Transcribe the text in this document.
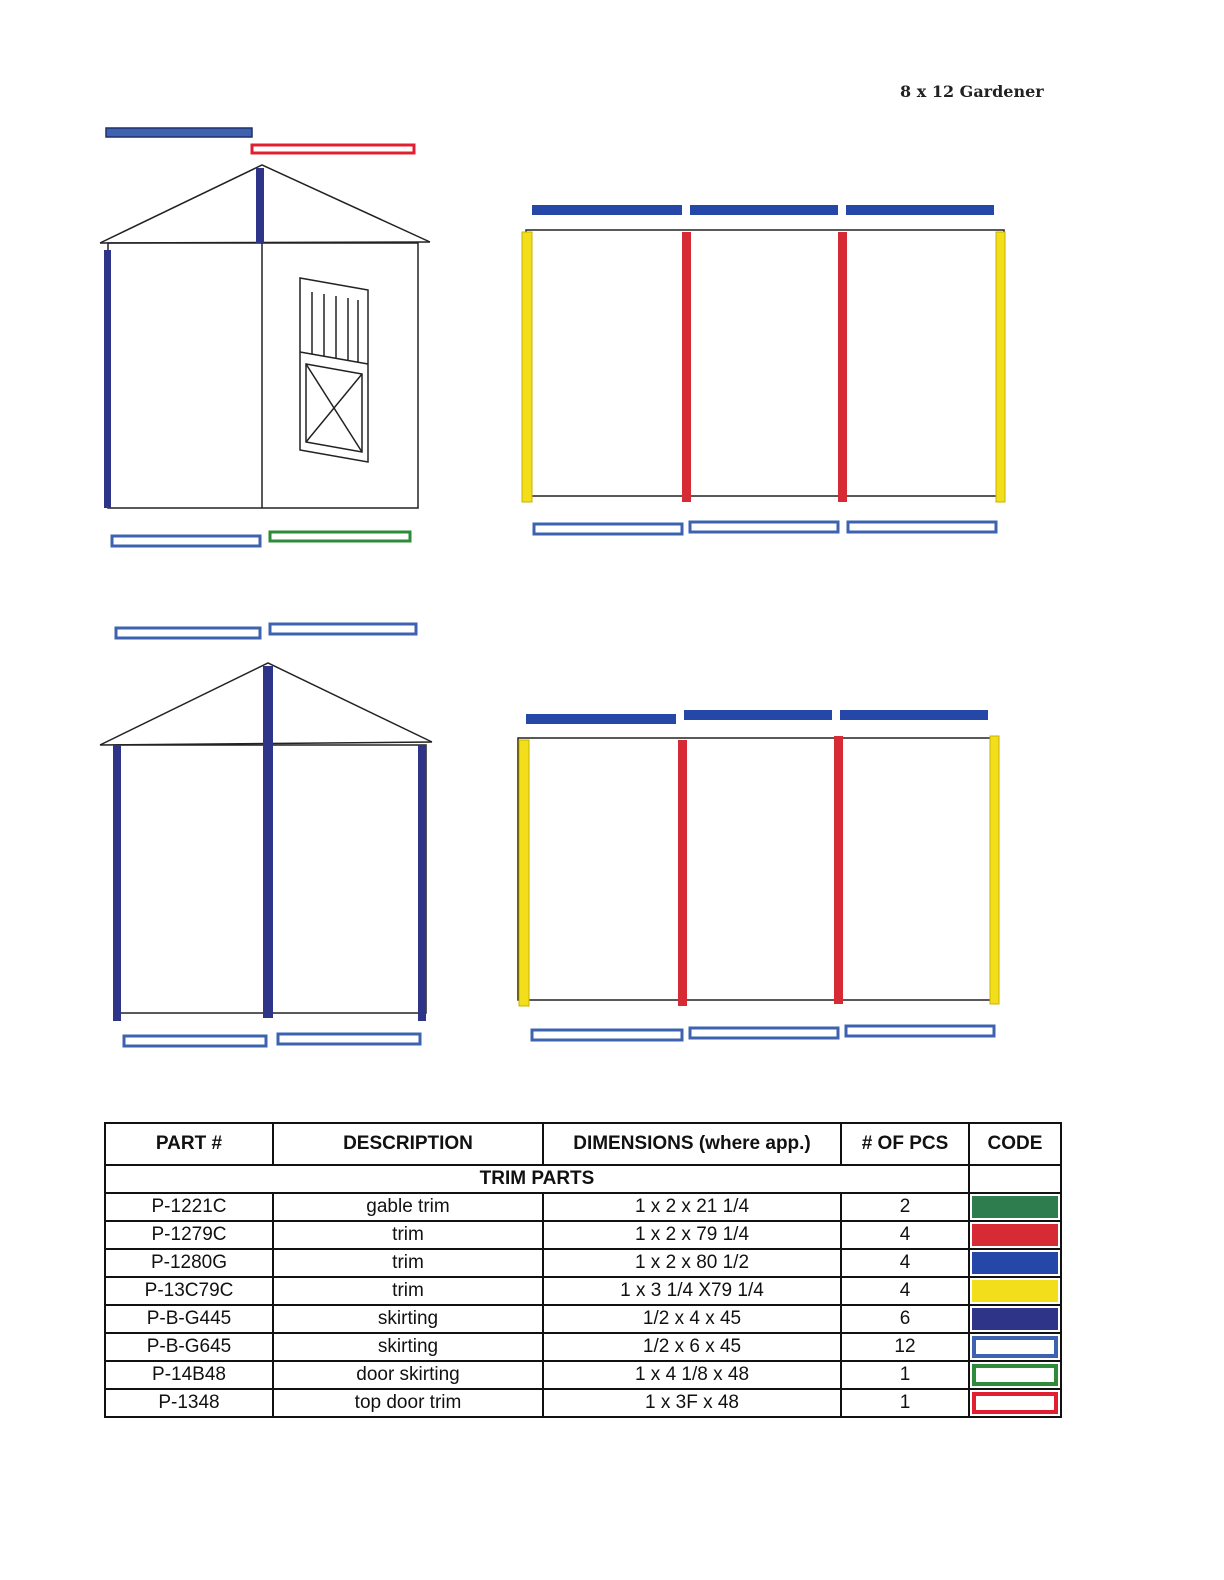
8 x 12 Gardener
PART #	DESCRIPTION	DIMENSIONS (where app.)	# OF PCS	CODE
TRIM PARTS				
P-1221C	gable trim	1 x 2 x 21 1/4	2	

P-1279C	trim	1 x 2 x 79 1/4	4	

P-1280G	trim	1 x 2 x 80 1/2	4	

P-13C79C	trim	1 x 3 1/4 X79 1/4	4	

P-B-G445	skirting	1/2 x 4 x 45	6	

P-B-G645	skirting	1/2 x 6 x 45	12	

P-14B48	door skirting	1 x 4 1/8 x 48	1	

P-1348	top door trim	1 x 3F x 48	1	
